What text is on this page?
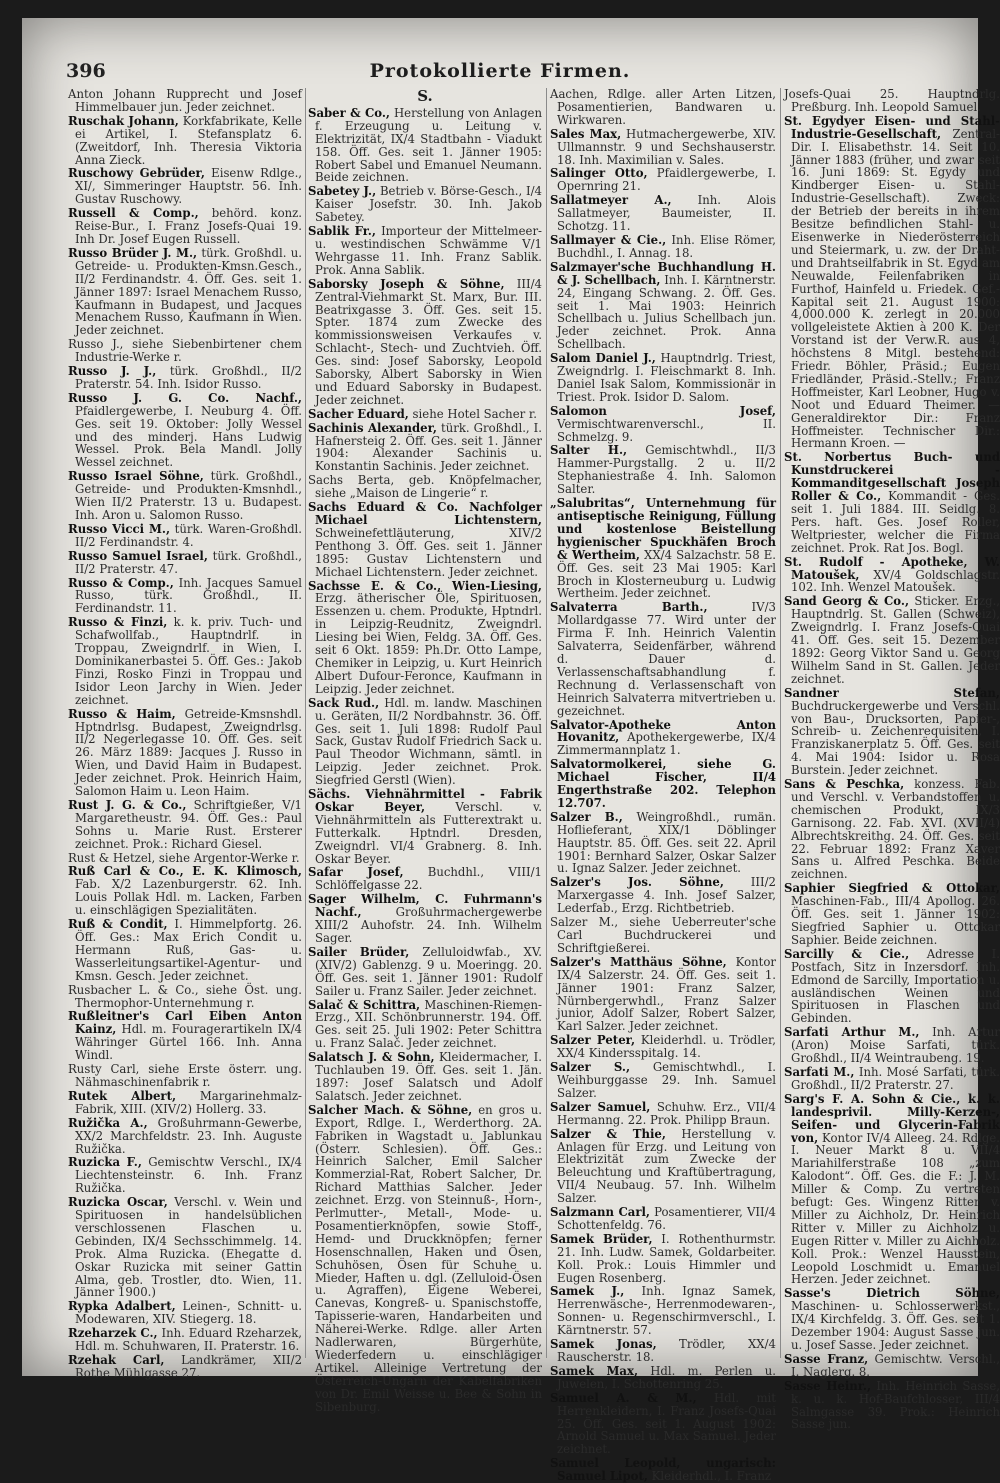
396	Protokollierte Firmen.
Anton Johann Rupprecht und Josef Himmelbauer jun. Jeder zeichnet.
Ruschak Johann, Korkfabrikate, Kelle ei Artikel, I. Stefansplatz 6. (Zweitdorf, Inh. Theresia Viktoria Anna Zieck.
Ruschowy Gebrüder, Eisenw Rdlge., XI/, Simmeringer Hauptstr. 56. Inh. Gustav Ruschowy.
Russell & Comp., behörd. konz. Reise-Bur., I. Franz Josefs-Quai 19. Inh Dr. Josef Eugen Russell.
Russo Brüder J. M., türk. Großhdl. u. Getreide- u. Produkten-Kmsn.Gesch., II/2 Ferdinandstr. 4. Öff. Ges. seit 1. Jänner 1897: Israel Menachem Russo, Kaufmann in Budapest, und Jacques Menachem Russo, Kaufmann in Wien. Jeder zeichnet.
Russo J., siehe Siebenbirtener chem Industrie-Werke r.
Russo J. J., türk. Großhdl., II/2 Praterstr. 54. Inh. Isidor Russo.
Russo J. G. Co. Nachf., Pfaidlergewerbe, I. Neuburg 4. Öff. Ges. seit 19. Oktober: Jolly Wessel und des minderj. Hans Ludwig Wessel. Prok. Bela Mandl. Jolly Wessel zeichnet.
Russo Israel Söhne, türk. Großhdl., Getreide- und Produkten-Kmsnhdl., Wien II/2 Praterstr. 13 u. Budapest. Inh. Aron u. Salomon Russo.
Russo Vicci M., türk. Waren-Großhdl. II/2 Ferdinandstr. 4.
Russo Samuel Israel, türk. Großhdl., II/2 Praterstr. 47.
Russo & Comp., Inh. Jacques Samuel Russo, türk. Großhdl., II. Ferdinandstr. 11.
Russo & Finzi, k. k. priv. Tuch- und Schafwollfab., Hauptndrlf. in Troppau, Zweigndrlf. in Wien, I. Dominikanerbastei 5. Öff. Ges.: Jakob Finzi, Rosko Finzi in Troppau und Isidor Leon Jarchy in Wien. Jeder zeichnet.
Russo & Haim, Getreide-Kmsnshdl. Hptndrlsg. Budapest, Zweigndrlsg. II/2 Negerlegasse 10. Öff. Ges. seit 26. März 1889: Jacques J. Russo in Wien, und David Haim in Budapest. Jeder zeichnet. Prok. Heinrich Haim, Salomon Haim u. Leon Haim.
Rust J. G. & Co., Schriftgießer, V/1 Margaretheustr. 94. Öff. Ges.: Paul Sohns u. Marie Rust. Ersterer zeichnet. Prok.: Richard Giesel.
Rust & Hetzel, siehe Argentor-Werke r.
Ruß Carl & Co., E. K. Klimosch, Fab. X/2 Lazenburgerstr. 62. Inh. Louis Pollak Hdl. m. Lacken, Farben u. einschlägigen Spezialitäten.
Ruß & Condit, I. Himmelpfortg. 26. Öff. Ges.: Max Erich Condit u. Hermann Ruß, Gas- u. Wasserleitungsartikel-Agentur- und Kmsn. Gesch. Jeder zeichnet.
Rusbacher L. & Co., siehe Öst. ung. Thermophor-Unternehmung r.
Rußleitner's Carl Eiben Anton Kainz, Hdl. m. Fouragerartikeln IX/4 Währinger Gürtel 166. Inh. Anna Windl.
Rusty Carl, siehe Erste österr. ung. Nähmaschinenfabrik r.
Rutek Albert, Margarinehmalz-Fabrik, XIII. (XIV/2) Hollerg. 33.
Ružička A., Großuhrmann-Gewerbe, XX/2 Marchfeldstr. 23. Inh. Auguste Ružička.
Ruzicka F., Gemischtw Verschl., IX/4 Liechtensteinstr. 6. Inh. Franz Ružička.
Ruzicka Oscar, Verschl. v. Wein und Spirituosen in handelsüblichen verschlossenen Flaschen u. Gebinden, IX/4 Sechsschimmelg. 14. Prok. Alma Ruzicka. (Ehegatte d. Oskar Ruzicka mit seiner Gattin Alma, geb. Trostler, dto. Wien, 11. Jänner 1900.)
Rypka Adalbert, Leinen-, Schnitt- u. Modewaren, XIV. Stiegerg. 18.
Rzeharzek C., Inh. Eduard Rzeharzek, Hdl. m. Schuhwaren, II. Praterstr. 16.
Rzehak Carl, Landkrämer, XII/2 Rothe Mühlgasse 27.
S.
Saber & Co., Herstellung von Anlagen f. Erzeugung u. Leitung v. Elektrizität, IX/4 Stadtbahn - Viadukt 158. Öff. Ges. seit 1. Jänner 1905: Robert Sabel und Emanuel Neumann. Beide zeichnen.
Sabetey J., Betrieb v. Börse-Gesch., I/4 Kaiser Josefstr. 30. Inh. Jakob Sabetey.
Sablik Fr., Importeur der Mittelmeer- u. westindischen Schwämme V/1 Wehrgasse 11. Inh. Franz Sablik. Prok. Anna Sablik.
Saborsky Joseph & Söhne, III/4 Zentral-Viehmarkt St. Marx, Bur. III. Beatrixgasse 3. Öff. Ges. seit 15. Spter. 1874 zum Zwecke des kommissionsweisen Verkaufes v. Schlacht-, Stech- und Zuchtvieh. Öff. Ges. sind: Josef Saborsky, Leopold Saborsky, Albert Saborsky in Wien und Eduard Saborsky in Budapest. Jeder zeichnet.
Sacher Eduard, siehe Hotel Sacher r.
Sachinis Alexander, türk. Großhdl., I. Hafnersteig 2. Öff. Ges. seit 1. Jänner 1904: Alexander Sachinis u. Konstantin Sachinis. Jeder zeichnet.
Sachs Berta, geb. Knöpfelmacher, siehe „Maison de Lingerie“ r.
Sachs Eduard & Co. Nachfolger Michael Lichtenstern, Schweinefettläuterung, XIV/2 Penthong 3. Öff. Ges. seit 1. Jänner 1895: Gustav Lichtenstern und Michael Lichtenstern. Jeder zeichnet.
Sachsse E. & Co., Wien-Liesing, Erzg. ätherischer Öle, Spirituosen, Essenzen u. chem. Produkte, Hptndrl. in Leipzig-Reudnitz, Zweigndrl. Liesing bei Wien, Feldg. 3A. Öff. Ges. seit 6 Okt. 1859: Ph.Dr. Otto Lampe, Chemiker in Leipzig, u. Kurt Heinrich Albert Dufour-Feronce, Kaufmann in Leipzig. Jeder zeichnet.
Sack Rud., Hdl. m. landw. Maschinen u. Geräten, II/2 Nordbahnstr. 36. Öff. Ges. seit 1. Juli 1898: Rudolf Paul Sack, Gustav Rudolf Friedrich Sack u. Paul Theodor Wichmann, sämtl. in Leipzig. Jeder zeichnet. Prok. Siegfried Gerstl (Wien).
Sächs. Viehnährmittel - Fabrik Oskar Beyer, Verschl. v. Viehnährmitteln als Futterextrakt u. Futterkalk. Hptndrl. Dresden, Zweigndrl. VI/4 Grabnerg. 8. Inh. Oskar Beyer.
Safar Josef, Buchdhl., VIII/1 Schlöffelgasse 22.
Sager Wilhelm, C. Fuhrmann's Nachf., Großuhrmachergewerbe XIII/2 Auhofstr. 24. Inh. Wilhelm Sager.
Sailer Brüder, Zelluloidwfab., XV. (XIV/2) Gablenzg. 9 u. Moeringg. 20. Öff. Ges. seit 1. Jänner 1901: Rudolf Sailer u. Franz Sailer. Jeder zeichnet.
Salač & Schittra, Maschinen-Riemen-Erzg., XII. Schönbrunnerstr. 194. Öff. Ges. seit 25. Juli 1902: Peter Schittra u. Franz Salač. Jeder zeichnet.
Salatsch J. & Sohn, Kleidermacher, I. Tuchlauben 19. Öff. Ges. seit 1. Jän. 1897: Josef Salatsch und Adolf Salatsch. Jeder zeichnet.
Salcher Mach. & Söhne, en gros u. Export, Rdlge. I., Werderthorg. 2A. Fabriken in Wagstadt u. Jablunkau (Österr. Schlesien). Öff. Ges.: Heinrich Salcher, Emil Salcher Kommerzial-Rat, Robert Salcher, Dr. Richard Matthias Salcher. Jeder zeichnet. Erzg. von Steinnuß-, Horn-, Perlmutter-, Metall-, Mode- u. Posamentierknöpfen, sowie Stoff-, Hemd- und Druckknöpfen; ferner Hosenschnallen, Haken und Ösen, Schuhösen, Ösen für Schuhe u. Mieder, Haften u. dgl. (Zelluloid-Ösen u. Agraffen), Eigene Weberei, Canevas, Kongreß- u. Spanischstoffe, Tapisserie-waren, Handarbeiten und Näherei-Werke. Rdlge. aller Arten Nadlerwaren, Bürgerhüte, Wiederfedern u. einschlägiger Artikel. Alleinige Vertretung der Österreich-Ungarn der Kabelfabriken von Dr. Emil Weisse u. Bee & Sohn in Sibenburg.
Aachen, Rdlge. aller Arten Litzen, Posamentierien, Bandwaren u. Wirkwaren.
Sales Max, Hutmachergewerbe, XIV. Ullmannstr. 9 und Sechshauserstr. 18. Inh. Maximilian v. Sales.
Salinger Otto, Pfaidlergewerbe, I. Opernring 21.
Sallatmeyer A., Inh. Alois Sallatmeyer, Baumeister, II. Schotzg. 11.
Sallmayer & Cie., Inh. Elise Römer, Buchdhl., I. Annag. 18.
Salzmayer'sche Buchhandlung H. & J. Schellbach, Inh. I. Kärntnerstr. 24, Eingang Schwang. 2. Öff. Ges. seit 1. Mai 1903: Heinrich Schellbach u. Julius Schellbach jun. Jeder zeichnet. Prok. Anna Schellbach.
Salom Daniel J., Hauptndrlg. Triest, Zweigndrlg. I. Fleischmarkt 8. Inh. Daniel Isak Salom, Kommissionär in Triest. Prok. Isidor D. Salom.
Salomon Josef, Vermischtwarenverschl., II. Schmelzg. 9.
Salter H., Gemischtwhdl., II/3 Hammer-Purgstallg. 2 u. II/2 Stephaniestraße 4. Inh. Salomon Salter.
„Salubritas“, Unternehmung für antiseptische Reinigung, Füllung und kostenlose Beistellung hygienischer Spuckhäfen Broch & Wertheim, XX/4 Salzachstr. 58 E. Öff. Ges. seit 23 Mai 1905: Karl Broch in Klosterneuburg u. Ludwig Wertheim. Jeder zeichnet.
Salvaterra Barth., IV/3 Mollardgasse 77. Wird unter der Firma F. Inh. Heinrich Valentin Salvaterra, Seidenfärber, während d. Dauer d. Verlassenschaftsabhandlung f. Rechnung d. Verlassenschaft von Heinrich Salvaterra mitvertrieben u. gezeichnet.
Salvator-Apotheke Anton Hovanitz, Apothekergewerbe, IX/4 Zimmermannplatz 1.
Salvatormolkerei, siehe G. Michael Fischer, II/4 Engerthstraße 202. Telephon 12.707.
Salzer B., Weingroßhdl., rumän. Hoflieferant, XIX/1 Döblinger Hauptstr. 85. Öff. Ges. seit 22. April 1901: Bernhard Salzer, Oskar Salzer u. Ignaz Salzer. Jeder zeichnet.
Salzer's Jos. Söhne, III/2 Marxergasse 4. Inh. Josef Salzer, Lederfab., Erzg. Richtbetrieb.
Salzer M., siehe Ueberreuter'sche Carl Buchdruckerei und Schriftgießerei.
Salzer's Matthäus Söhne, Kontor IX/4 Salzerstr. 24. Öff. Ges. seit 1. Jänner 1901: Franz Salzer, Nürnbergerwhdl., Franz Salzer junior, Adolf Salzer, Robert Salzer, Karl Salzer. Jeder zeichnet.
Salzer Peter, Kleiderhdl. u. Trödler, XX/4 Kindersspitalg. 14.
Salzer S., Gemischtwhdl., I. Weihburggasse 29. Inh. Samuel Salzer.
Salzer Samuel, Schuhw. Erz., VII/4 Hermanng. 22. Prok. Philipp Braun.
Salzer & Thie, Herstellung v. Anlagen für Erzg. und Leitung von Elektrizität zum Zwecke der Beleuchtung und Kraftübertragung, VII/4 Neubaug. 57. Inh. Wilhelm Salzer.
Salzmann Carl, Posamentierer, VII/4 Schottenfeldg. 76.
Samek Brüder, I. Rothenthurmstr. 21. Inh. Ludw. Samek, Goldarbeiter. Koll. Prok.: Louis Himmler und Eugen Rosenberg.
Samek J., Inh. Ignaz Samek, Herrenwäsche-, Herrenmodewaren-, Sonnen- u. Regenschirmverschl., I. Kärntnerstr. 57.
Samek Jonas, Trödler, XX/4 Rauscherstr. 18.
Samek Max, Hdl. m. Perlen u. Juwelen, I. Schottenring 25.
Samuel A. & M., Hdl. mit Herrenkleidern, I. Franz Josefs-Quai 25. Öff. Ges. seit 1. August 1902: Arnold Samuel u. Max Samuel. Jeder zeichnet.
Samuel Leopold, ungarisch: Samuel Lipot, Kleiderhdl., I. Franz
Josefs-Quai 25. Hauptndrlg. Preßburg. Inh. Leopold Samuel.
St. Egydyer Eisen- und Stahl-Industrie-Gesellschaft, Zentral-Dir. I. Elisabethstr. 14. Seit 10. Jänner 1883 (früher, und zwar seit 16. Juni 1869: St. Egydy und Kindberger Eisen- u. Stahl-Industrie-Gesellschaft). Zweck: der Betrieb der bereits in ihrem Besitze befindlichen Stahl- u. Eisenwerke in Niederösterreich und Steiermark, u. zw. der Draht- und Drahtseilfabrik in St. Egyd am Neuwalde, Feilenfabriken in Furthof, Hainfeld u. Friedek. Gef.-Kapital seit 21. August 1900: 4,000.000 K. zerlegt in 20.000 vollgeleistete Aktien à 200 K. Der Vorstand ist der Verw.R. aus 4, höchstens 8 Mitgl. bestehend: Friedr. Böhler, Präsid.; Eugen Friedländer, Präsid.-Stellv.; Franz Hoffmeister, Karl Leobner, Hugo v. Noot und Eduard Theimer. — Generaldirektor Dir.: Franz Hoffmeister. Technischer Dir.: Hermann Kroen. —
St. Norbertus Buch- und Kunstdruckerei - Kommanditgesellschaft Joseph Roller & Co., Kommandit - Ges. seit 1. Juli 1884. III. Seidlg. 8. Pers. haft. Ges. Josef Roller, Weltpriester, welcher die Firma zeichnet. Prok. Rat Jos. Bogl.
St. Rudolf - Apotheke, W. Matoušek, XV/4 Goldschlagstr. 102. Inh. Wenzel Matoušek.
Sand Georg & Co., Sticker. Erzg., Hauptndrlg. St. Gallen (Schweiz), Zweigndrlg. I. Franz Josefs-Quai 41. Öff. Ges. seit 15. Dezember 1892: Georg Viktor Sand u. Georg Wilhelm Sand in St. Gallen. Jeder zeichnet.
Sandner Stefan, Buchdruckergewerbe und Verschl. von Bau-, Drucksorten, Papier-, Schreib- u. Zeichenrequisiten, I. Franziskanerplatz 5. Öff. Ges. seit 4. Mai 1904: Isidor u. Rosa Burstein. Jeder zeichnet.
Sans & Peschka, konzess. Fab. und Verschl. v. Verbandstoffen u. chemischen Produkt, IX/3 Garnisong. 22. Fab. XVI. (XVII/4) Albrechtskreithg. 24. Öff. Ges. seit 22. Februar 1892: Franz Xaver Sans u. Alfred Peschka. Beide zeichnen.
Saphier Siegfried & Ottokar, Maschinen-Fab., III/4 Apollog. 26. Öff. Ges. seit 1. Jänner 1902: Siegfried Saphier u. Ottokar Saphier. Beide zeichnen.
Sarcilly & Cie., Adresse I. Postfach, Sitz in Inzersdorf. Inh. Edmond de Sarcilly, Importation u. ausländischen Weinen und Spirituosen in Flaschen und Gebinden.
Sarfati Arthur M., Inh. Artur (Aron) Moise Sarfati, türk. Großhdl., II/4 Weintraubeng. 19.
Sarfati M., Inh. Mosé Sarfati, türk. Großhdl., II/2 Praterstr. 27.
Sarg's F. A. Sohn & Cie., k. k. landesprivil. Milly-Kerzen-, Seifen- und Glycerin-Fabrik von, Kontor IV/4 Alleeg. 24. Rdlge. I. Neuer Markt 8 u. VII/4 Mariahilferstraße 108 „zum Kalodont“. Öff. Ges. die F.: J. M. Miller & Comp. Zu vertreten befugt: Ges. Wingenz Ritter v. Miller zu Aichholz, Dr. Heinrich Ritter v. Miller zu Aichholz u. Eugen Ritter v. Miller zu Aichholz. Koll. Prok.: Wenzel Hausstein, Leopold Loschmidt u. Emanuel Herzen. Jeder zeichnet.
Sasse's Dietrich Söhne, Maschinen- u. Schlosserwerkst., IX/4 Kirchfeldg. 3. Öff. Ges. seit 1. Dezember 1904: August Sasse jun. u. Josef Sasse. Jeder zeichnet.
Sasse Franz, Gemischtw. Verschl., I. Naglerg. 8.
Sasse Heinr., Inh. Heinrich Sasse, k. u. k. Hof-Baufchlosser, III/4 Salmgasse 39. Prok.: Heinrich Sasse jun.
